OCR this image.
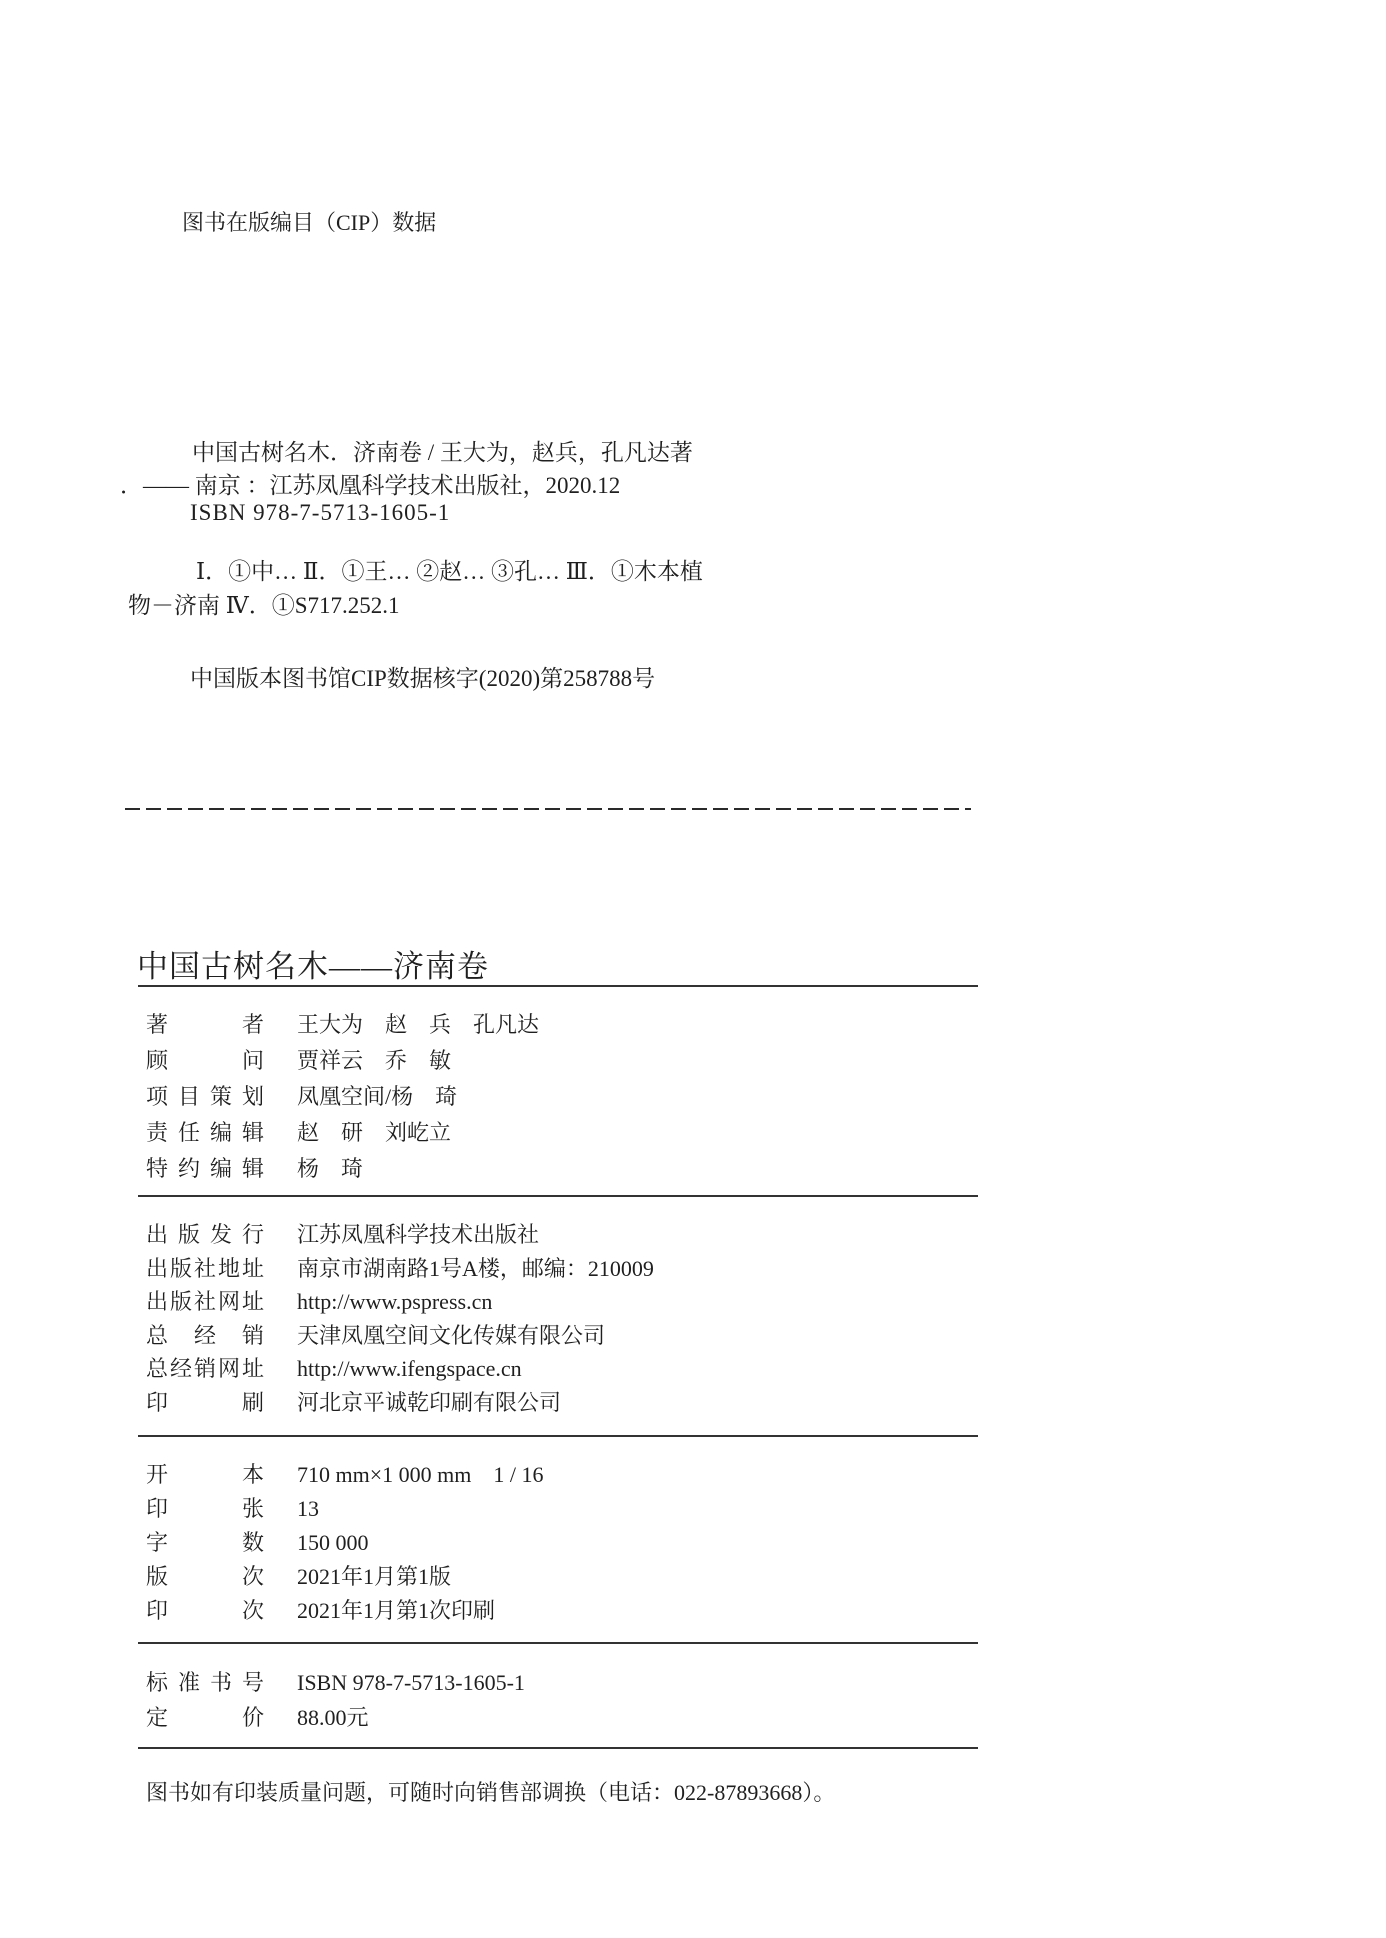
图书在版编目（CIP）数据
中国古树名木．济南卷 / 王大为，赵兵，孔凡达著
．—— 南京 ：江苏凤凰科学技术出版社，2020.12
ISBN 978-7-5713-1605-1
Ⅰ．①中… Ⅱ．①王… ②赵… ③孔… Ⅲ．①木本植
物－济南 Ⅳ．①S717.252.1
中国版本图书馆CIP数据核字(2020)第258788号
中国古树名木——济南卷
著者 王大为　赵　兵　孔凡达
顾问 贾祥云　乔　敏
项目策划 凤凰空间/杨　琦
责任编辑 赵　研　刘屹立
特约编辑 杨　琦
出版发行 江苏凤凰科学技术出版社
出版社地址 南京市湖南路1号A楼，邮编：210009
出版社网址 http://www.pspress.cn
总经销 天津凤凰空间文化传媒有限公司
总经销网址 http://www.ifengspace.cn
印刷 河北京平诚乾印刷有限公司
开本 710 mm×1 000 mm　1 / 16
印张 13
字数 150 000
版次 2021年1月第1版
印次 2021年1月第1次印刷
标准书号 ISBN 978-7-5713-1605-1
定价 88.00元
图书如有印装质量问题，可随时向销售部调换（电话：022-87893668）。
